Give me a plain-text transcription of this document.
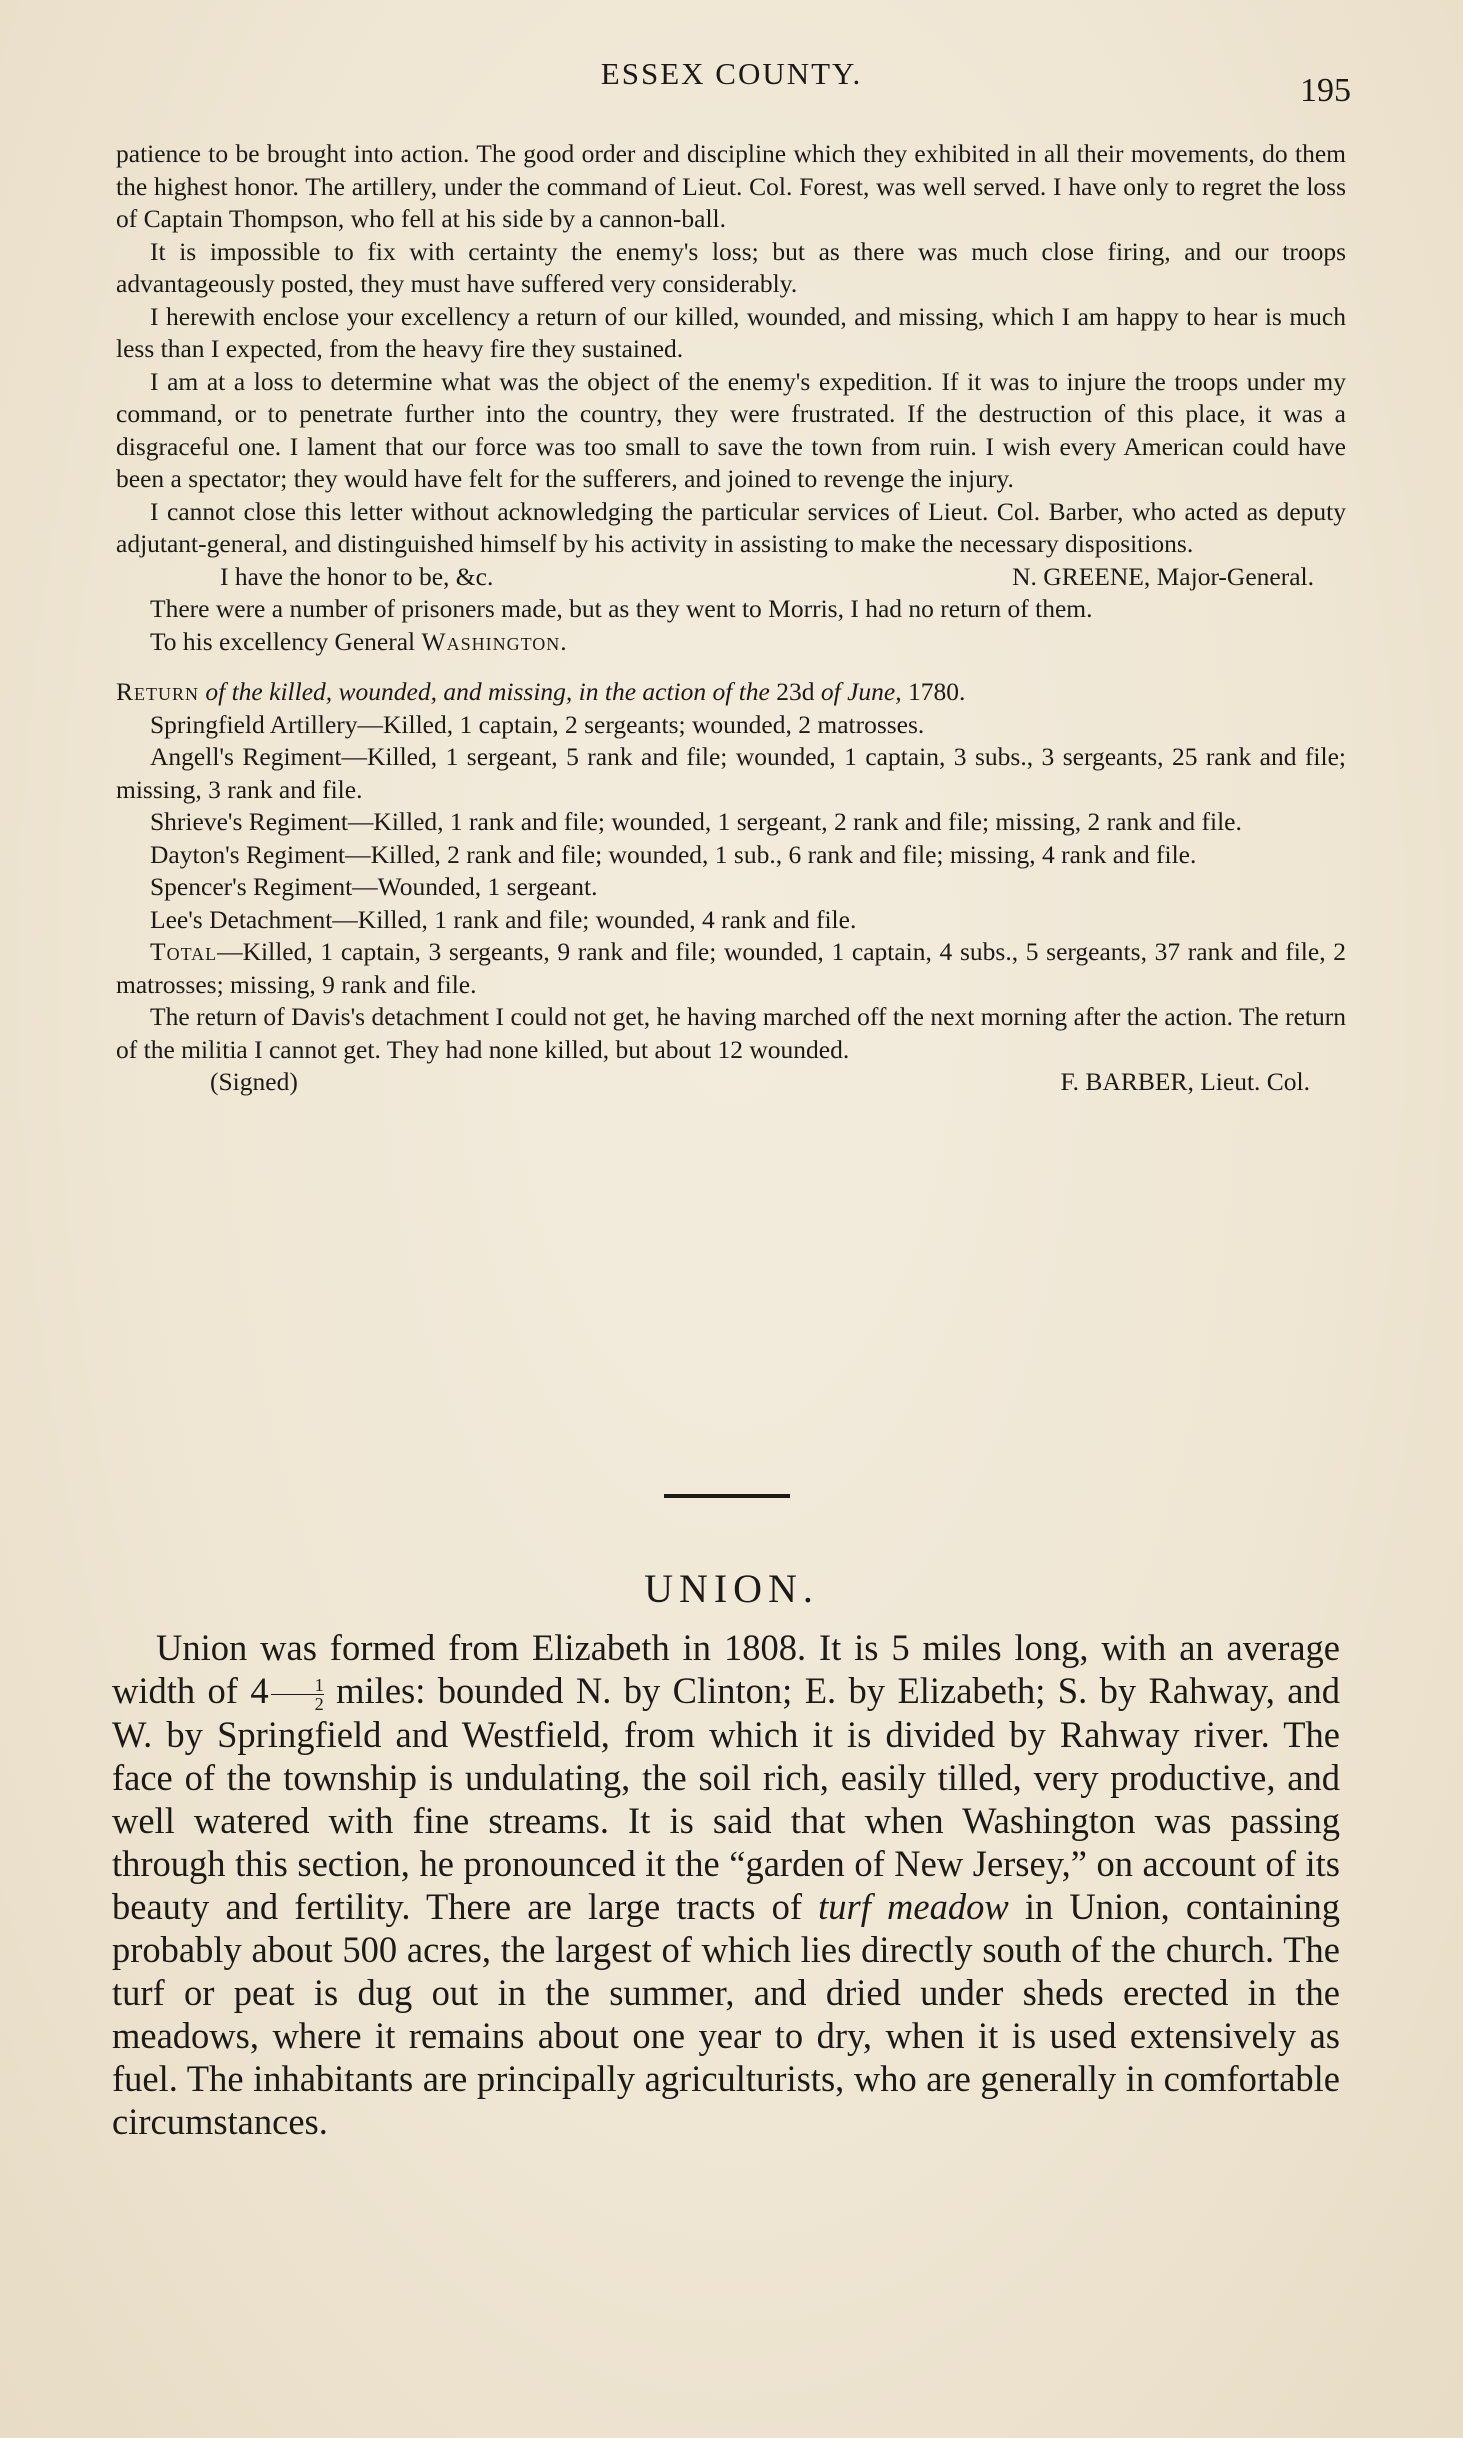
ESSEX COUNTY.	195

patience to be brought into action. The good order and discipline which they exhibited in all their movements, do them the highest honor. The artillery, under the command of Lieut. Col. Forest, was well served. I have only to regret the loss of Captain Thompson, who fell at his side by a cannon-ball.

It is impossible to fix with certainty the enemy's loss; but as there was much close firing, and our troops advantageously posted, they must have suffered very considerably.

I herewith enclose your excellency a return of our killed, wounded, and missing, which I am happy to hear is much less than I expected, from the heavy fire they sustained.

I am at a loss to determine what was the object of the enemy's expedition. If it was to injure the troops under my command, or to penetrate further into the country, they were frustrated. If the destruction of this place, it was a disgraceful one. I lament that our force was too small to save the town from ruin. I wish every American could have been a spectator; they would have felt for the sufferers, and joined to revenge the injury.

I cannot close this letter without acknowledging the particular services of Lieut. Col. Barber, who acted as deputy adjutant-general, and distinguished himself by his activity in assisting to make the necessary dispositions.

I have the honor to be, &c.	N. GREENE, Major-General.

There were a number of prisoners made, but as they went to Morris, I had no return of them.

To his excellency General Washington.

Return of the killed, wounded, and missing, in the action of the 23d of June, 1780.

Springfield Artillery—Killed, 1 captain, 2 sergeants; wounded, 2 matrosses.

Angell's Regiment—Killed, 1 sergeant, 5 rank and file; wounded, 1 captain, 3 subs., 3 sergeants, 25 rank and file; missing, 3 rank and file.

Shrieve's Regiment—Killed, 1 rank and file; wounded, 1 sergeant, 2 rank and file; missing, 2 rank and file.

Dayton's Regiment—Killed, 2 rank and file; wounded, 1 sub., 6 rank and file; missing, 4 rank and file.

Spencer's Regiment—Wounded, 1 sergeant.

Lee's Detachment—Killed, 1 rank and file; wounded, 4 rank and file.

Total—Killed, 1 captain, 3 sergeants, 9 rank and file; wounded, 1 captain, 4 subs., 5 sergeants, 37 rank and file, 2 matrosses; missing, 9 rank and file.

The return of Davis's detachment I could not get, he having marched off the next morning after the action. The return of the militia I cannot get. They had none killed, but about 12 wounded.

(Signed)	F. BARBER, Lieut. Col.
UNION.

Union was formed from Elizabeth in 1808. It is 5 miles long, with an average width of $4 \frac{1}{2}$ miles: bounded N. by Clinton; E. by Elizabeth; S. by Rahway, and W. by Springfield and Westfield, from which it is divided by Rahway river. The face of the township is undulating, the soil rich, easily tilled, very productive, and well watered with fine streams. It is said that when Washington was passing through this section, he pronounced it the “garden of New Jersey,” on account of its beauty and fertility. There are large tracts of turf meadow in Union, containing probably about 500 acres, the largest of which lies directly south of the church. The turf or peat is dug out in the summer, and dried under sheds erected in the meadows, where it remains about one year to dry, when it is used extensively as fuel. The inhabitants are principally agriculturists, who are generally in comfortable circumstances.
